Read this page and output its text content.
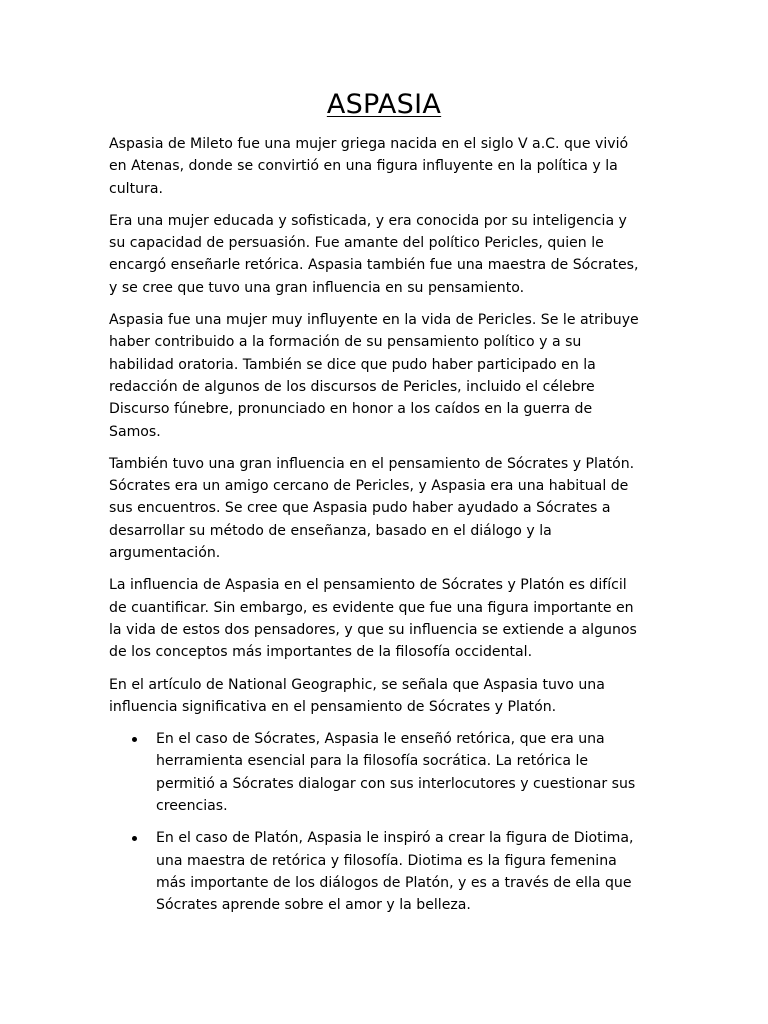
ASPASIA

Aspasia de Mileto fue una mujer griega nacida en el siglo V a.C. que vivió
en Atenas, donde se convirtió en una figura influyente en la política y la
cultura.

Era una mujer educada y sofisticada, y era conocida por su inteligencia y
su capacidad de persuasión. Fue amante del político Pericles, quien le
encargó enseñarle retórica. Aspasia también fue una maestra de Sócrates,
y se cree que tuvo una gran influencia en su pensamiento.

Aspasia fue una mujer muy influyente en la vida de Pericles. Se le atribuye
haber contribuido a la formación de su pensamiento político y a su
habilidad oratoria. También se dice que pudo haber participado en la
redacción de algunos de los discursos de Pericles, incluido el célebre
Discurso fúnebre, pronunciado en honor a los caídos en la guerra de
Samos.

También tuvo una gran influencia en el pensamiento de Sócrates y Platón.
Sócrates era un amigo cercano de Pericles, y Aspasia era una habitual de
sus encuentros. Se cree que Aspasia pudo haber ayudado a Sócrates a
desarrollar su método de enseñanza, basado en el diálogo y la
argumentación.

La influencia de Aspasia en el pensamiento de Sócrates y Platón es difícil
de cuantificar. Sin embargo, es evidente que fue una figura importante en
la vida de estos dos pensadores, y que su influencia se extiende a algunos
de los conceptos más importantes de la filosofía occidental.

En el artículo de National Geographic, se señala que Aspasia tuvo una
influencia significativa en el pensamiento de Sócrates y Platón.

En el caso de Sócrates, Aspasia le enseñó retórica, que era una
herramienta esencial para la filosofía socrática. La retórica le
permitió a Sócrates dialogar con sus interlocutores y cuestionar sus
creencias.
En el caso de Platón, Aspasia le inspiró a crear la figura de Diotima,
una maestra de retórica y filosofía. Diotima es la figura femenina
más importante de los diálogos de Platón, y es a través de ella que
Sócrates aprende sobre el amor y la belleza.
